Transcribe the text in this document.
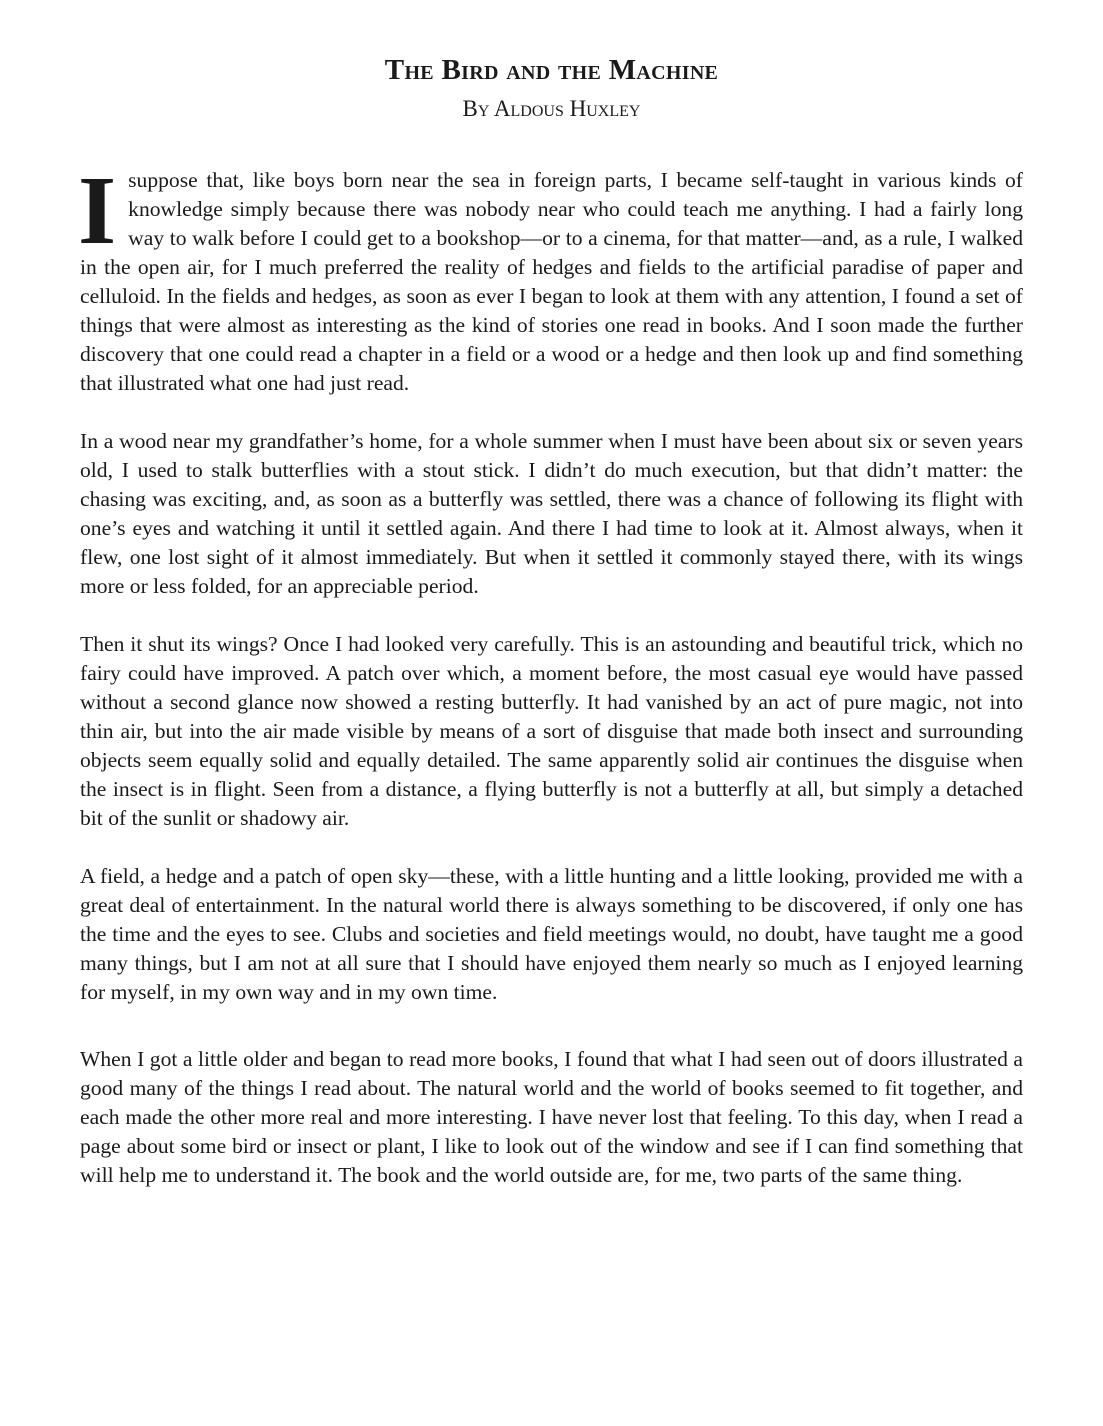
The Bird and the Machine

By Aldous Huxley

I suppose that, like boys born near the sea in foreign parts, I became self-taught in various kinds of knowledge simply because there was nobody near who could teach me anything. I had a fairly long way to walk before I could get to a bookshop—or to a cinema, for that matter—and, as a rule, I walked in the open air, for I much preferred the reality of hedges and fields to the artificial paradise of paper and celluloid. In the fields and hedges, as soon as ever I began to look at them with any attention, I found a set of things that were almost as interesting as the kind of stories one read in books. And I soon made the further discovery that one could read a chapter in a field or a wood or a hedge and then look up and find something that illustrated what one had just read.

In a wood near my grandfather’s home, for a whole summer when I must have been about six or seven years old, I used to stalk butterflies with a stout stick. I didn’t do much execution, but that didn’t matter: the chasing was exciting, and, as soon as a butterfly was settled, there was a chance of following its flight with one’s eyes and watching it until it settled again. And there I had time to look at it. Almost always, when it flew, one lost sight of it almost immediately. But when it settled it commonly stayed there, with its wings more or less folded, for an appreciable period.

Then it shut its wings? Once I had looked very carefully. This is an astounding and beautiful trick, which no fairy could have improved. A patch over which, a moment before, the most casual eye would have passed without a second glance now showed a resting butterfly. It had vanished by an act of pure magic, not into thin air, but into the air made visible by means of a sort of disguise that made both insect and surrounding objects seem equally solid and equally detailed. The same apparently solid air continues the disguise when the insect is in flight. Seen from a distance, a flying butterfly is not a butterfly at all, but simply a detached bit of the sunlit or shadowy air.

A field, a hedge and a patch of open sky—these, with a little hunting and a little looking, provided me with a great deal of entertainment. In the natural world there is always something to be discovered, if only one has the time and the eyes to see. Clubs and societies and field meetings would, no doubt, have taught me a good many things, but I am not at all sure that I should have enjoyed them nearly so much as I enjoyed learning for myself, in my own way and in my own time.

When I got a little older and began to read more books, I found that what I had seen out of doors illustrated a good many of the things I read about. The natural world and the world of books seemed to fit together, and each made the other more real and more interesting. I have never lost that feeling. To this day, when I read a page about some bird or insect or plant, I like to look out of the window and see if I can find something that will help me to understand it. The book and the world outside are, for me, two parts of the same thing.
